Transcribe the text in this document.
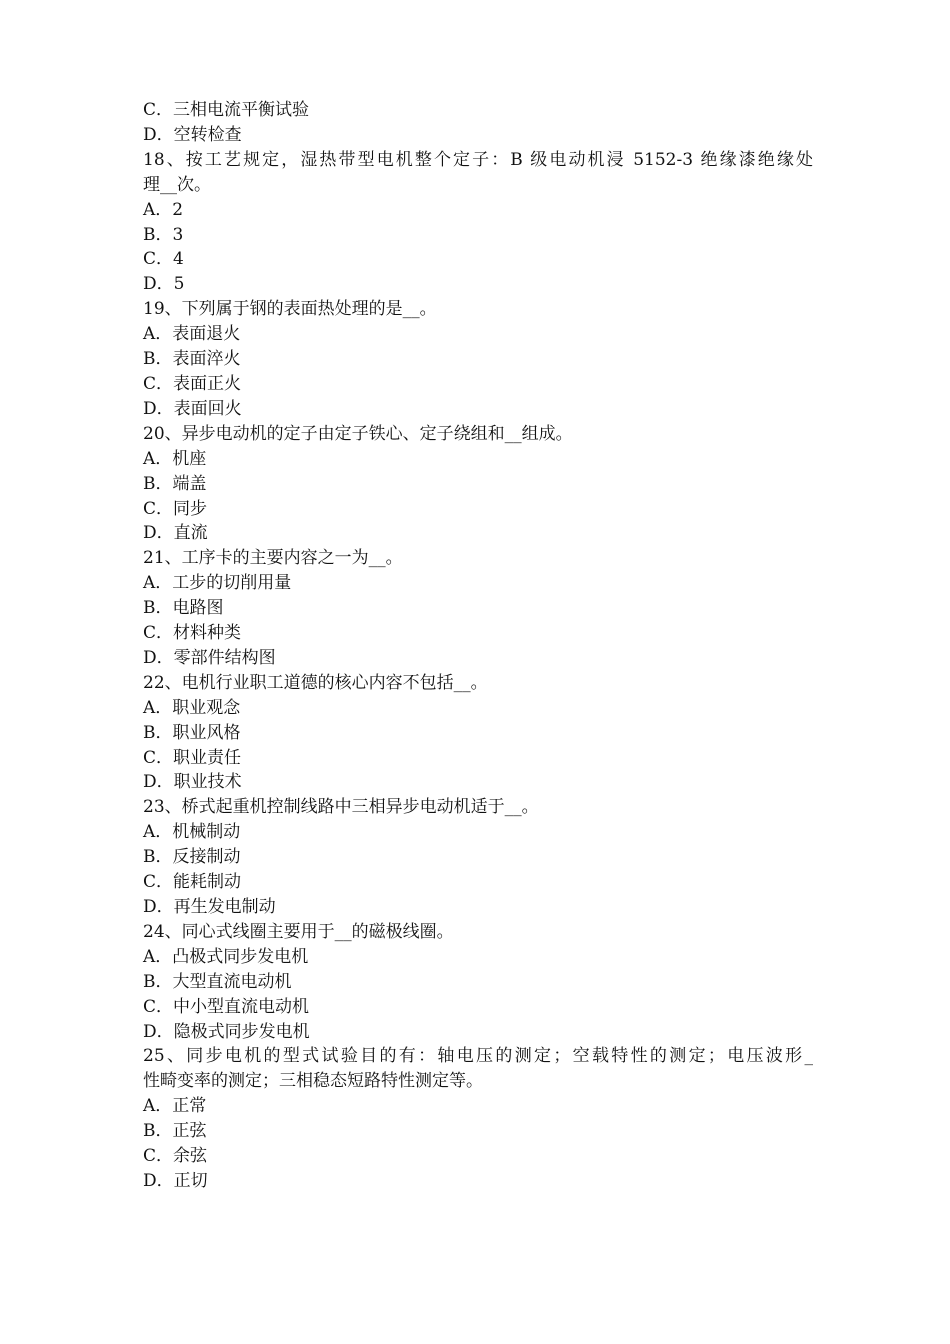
C．三相电流平衡试验
D．空转检查
18、按工艺规定，湿热带型电机整个定子：B 级电动机浸 5152-3 绝缘漆绝缘处
理__次。
A．2
B．3
C．4
D．5
19、下列属于钢的表面热处理的是__。
A．表面退火
B．表面淬火
C．表面正火
D．表面回火
20、异步电动机的定子由定子铁心、定子绕组和__组成。
A．机座
B．端盖
C．同步
D．直流
21、工序卡的主要内容之一为__。
A．工步的切削用量
B．电路图
C．材料种类
D．零部件结构图
22、电机行业职工道德的核心内容不包括__。
A．职业观念
B．职业风格
C．职业责任
D．职业技术
23、桥式起重机控制线路中三相异步电动机适于__。
A．机械制动
B．反接制动
C．能耗制动
D．再生发电制动
24、同心式线圈主要用于__的磁极线圈。
A．凸极式同步发电机
B．大型直流电动机
C．中小型直流电动机
D．隐极式同步发电机
25、同步电机的型式试验目的有：轴电压的测定；空载特性的测定；电压波形_
性畸变率的测定；三相稳态短路特性测定等。
A．正常
B．正弦
C．余弦
D．正切
